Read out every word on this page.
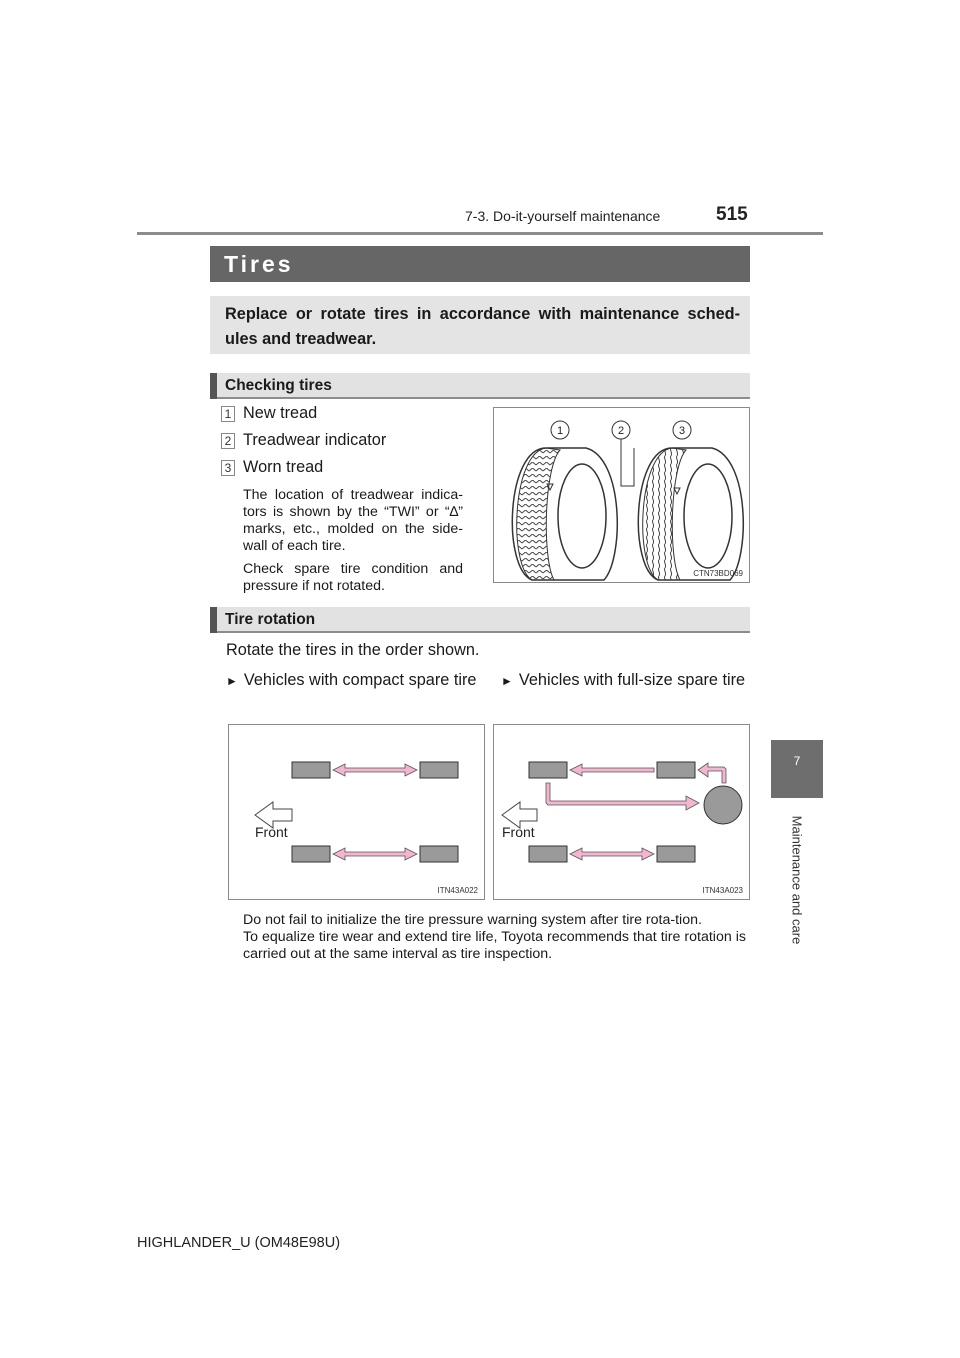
7-3. Do-it-yourself maintenance	515
7
Maintenance and care
Tires
Replace or rotate tires in accordance with maintenance sched-ules and treadwear.
Checking tires
1 New tread
2 Treadwear indicator
3 Worn tread
The location of treadwear indica-tors is shown by the “TWI” or “∆” marks, etc., molded on the side-wall of each tire.
Check spare tire condition and pressure if not rotated.
1	2	3
CTN73BD069
Tire rotation
Rotate the tires in the order shown.
► Vehicles with compact spare tire ► Vehicles with full-size spare tire
Front
ITN43A022
Front
ITN43A023
Do not fail to initialize the tire pressure warning system after tire rota-tion.
To equalize tire wear and extend tire life, Toyota recommends that tire rotation is carried out at the same interval as tire inspection.
HIGHLANDER_U (OM48E98U)
